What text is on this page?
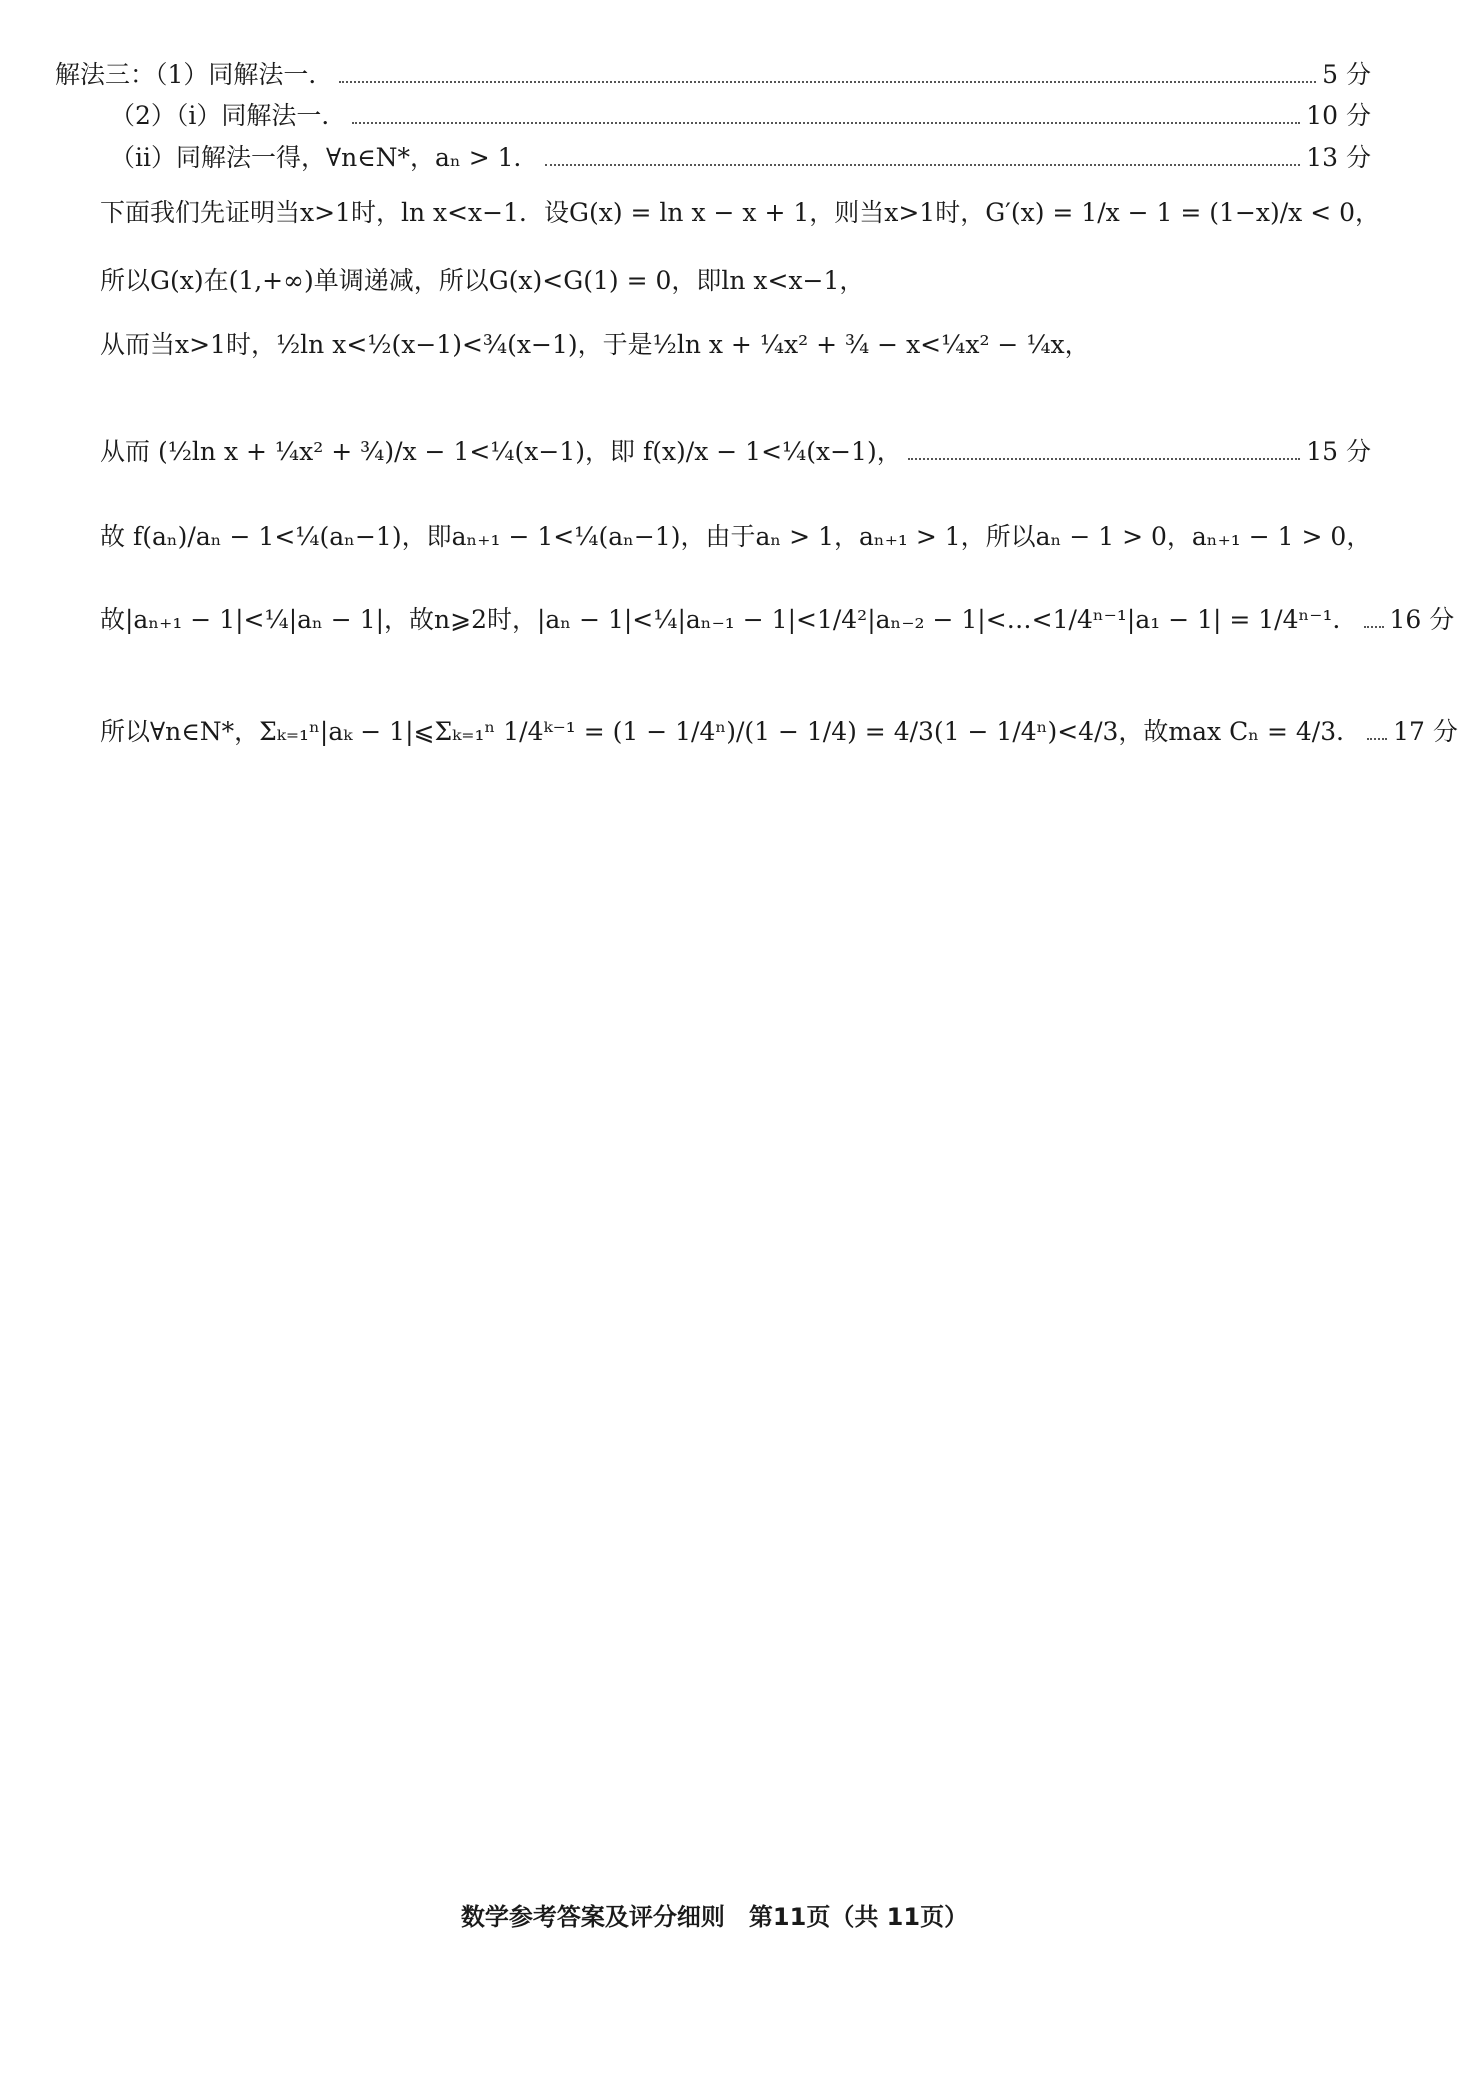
解法三：（1）同解法一．	5 分
（2）（i）同解法一．	10 分
（ii）同解法一得，∀n∈N*，aₙ > 1．	13 分
下面我们先证明当x>1时，ln x<x−1．设G(x) = ln x − x + 1，则当x>1时，G′(x) = 1/x − 1 = (1−x)/x < 0，
所以G(x)在(1,+∞)单调递减，所以G(x)<G(1) = 0，即ln x<x−1，
从而当x>1时，½ln x<½(x−1)<¾(x−1)，于是½ln x + ¼x² + ¾ − x<¼x² − ¼x，
从而 (½ln x + ¼x² + ¾)/x − 1<¼(x−1)，即 f(x)/x − 1<¼(x−1)，	15 分
故 f(aₙ)/aₙ − 1<¼(aₙ−1)，即aₙ₊₁ − 1<¼(aₙ−1)，由于aₙ > 1，aₙ₊₁ > 1，所以aₙ − 1 > 0，aₙ₊₁ − 1 > 0，
故|aₙ₊₁ − 1|<¼|aₙ − 1|，故n⩾2时，|aₙ − 1|<¼|aₙ₋₁ − 1|<1/4²|aₙ₋₂ − 1|<…<1/4ⁿ⁻¹|a₁ − 1| = 1/4ⁿ⁻¹． 16 分
所以∀n∈N*，Σₖ₌₁ⁿ|aₖ − 1|⩽Σₖ₌₁ⁿ 1/4ᵏ⁻¹ = (1 − 1/4ⁿ)/(1 − 1/4) = 4/3(1 − 1/4ⁿ)<4/3，故max Cₙ = 4/3． 17 分
数学参考答案及评分细则　第11页（共 11页）
